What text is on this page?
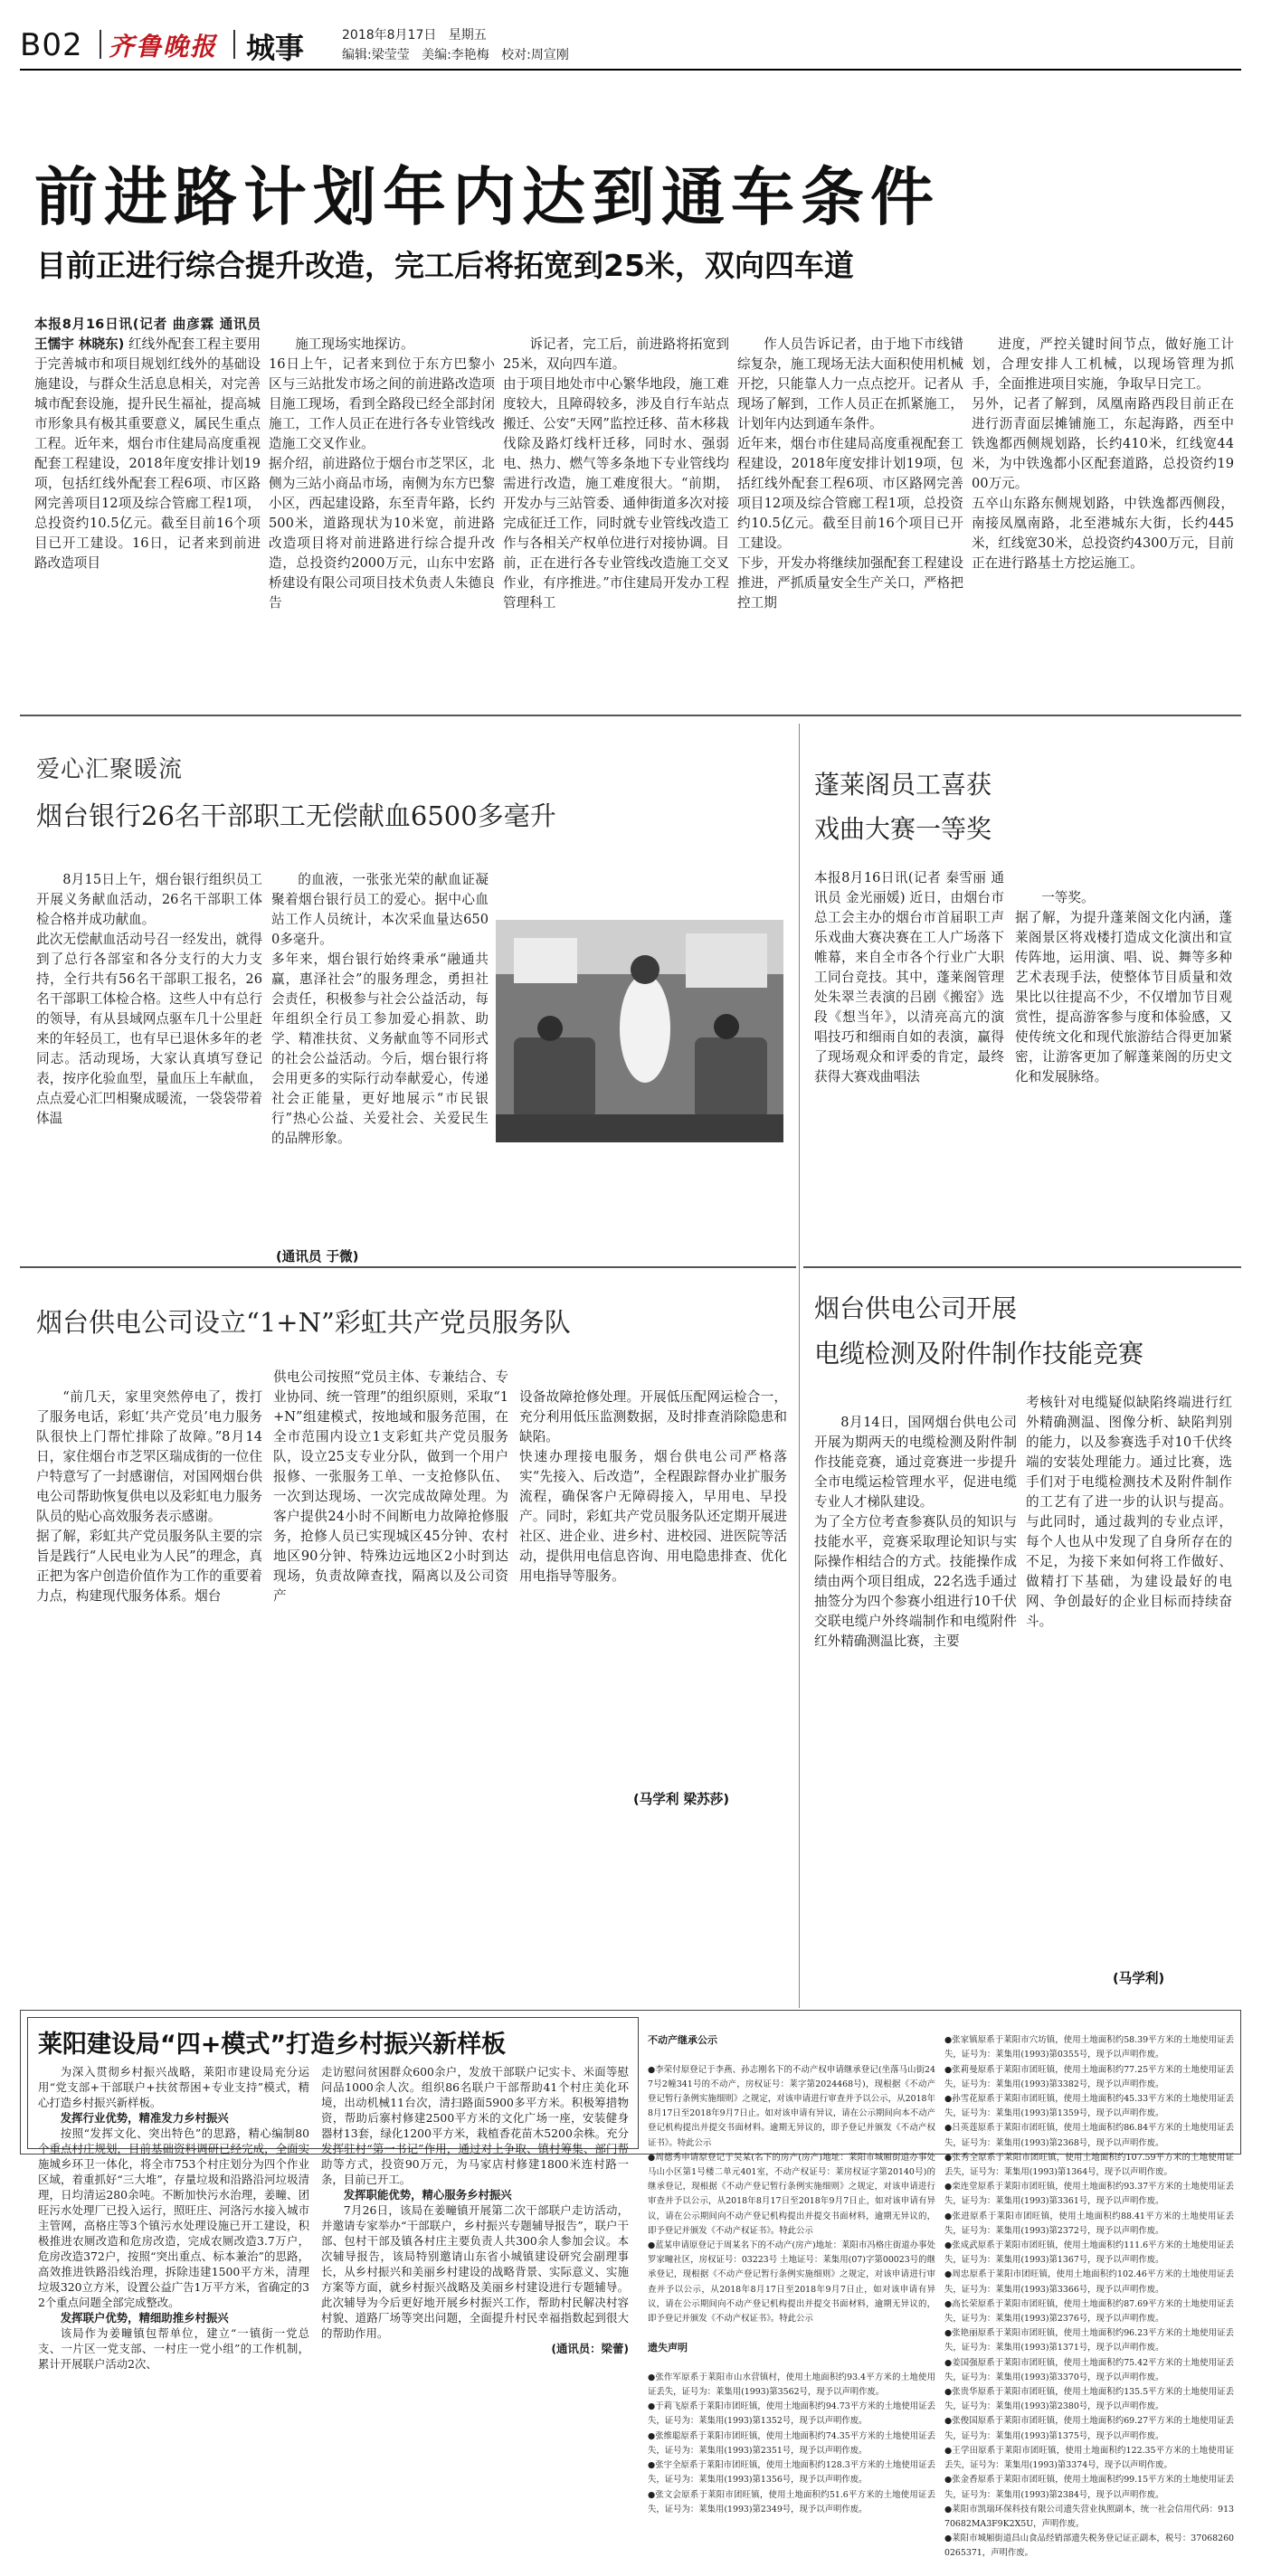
B02 齐鲁晚报 城事	2018年8月17日 星期五
编辑:梁莹莹 美编:李艳梅 校对:周宣刚
前进路计划年内达到通车条件
目前正进行综合提升改造，完工后将拓宽到25米，双向四车道

本报8月16日讯(记者 曲彦霖 通讯员 王懦宇 林晓东) 红线外配套工程主要用于完善城市和项目规划红线外的基础设施建设，与群众生活息息相关，对完善城市配套设施，提升民生福祉，提高城市形象具有极其重要意义，属民生重点工程。近年来，烟台市住建局高度重视配套工程建设，2018年度安排计划19项，包括红线外配套工程6项、市区路网完善项目12项及综合管廊工程1项，总投资约10.5亿元。截至目前16个项目已开工建设。16日，记者来到前进路改造项目

施工现场实地探访。
16日上午，记者来到位于东方巴黎小区与三站批发市场之间的前进路改造项目施工现场，看到全路段已经全部封闭施工，工作人员正在进行各专业管线改造施工交叉作业。
据介绍，前进路位于烟台市芝罘区，北侧为三站小商品市场，南侧为东方巴黎小区，西起建设路，东至青年路，长约500米，道路现状为10米宽，前进路改造项目将对前进路进行综合提升改造，总投资约2000万元，山东中宏路桥建设有限公司项目技术负责人朱德良告

诉记者，完工后，前进路将拓宽到25米，双向四车道。
由于项目地处市中心繁华地段，施工难度较大，且障碍较多，涉及自行车站点搬迁、公安“天网”监控迁移、苗木移栽伐除及路灯线杆迁移，同时水、强弱电、热力、燃气等多条地下专业管线均需进行改造，施工难度很大。“前期，开发办与三站管委、通伸街道多次对接完成征迁工作，同时就专业管线改造工作与各相关产权单位进行对接协调。目前，正在进行各专业管线改造施工交叉作业，有序推进。”市住建局开发办工程管理科工

作人员告诉记者，由于地下市线错综复杂，施工现场无法大面积使用机械开挖，只能靠人力一点点挖开。记者从现场了解到，工作人员正在抓紧施工，计划年内达到通车条件。
近年来，烟台市住建局高度重视配套工程建设，2018年度安排计划19项，包括红线外配套工程6项、市区路网完善项目12项及综合管廊工程1项，总投资约10.5亿元。截至目前16个项目已开工建设。
下步，开发办将继续加强配套工程建设推进，严抓质量安全生产关口，严格把控工期

进度，严控关键时间节点，做好施工计划，合理安排人工机械，以现场管理为抓手，全面推进项目实施，争取早日完工。
另外，记者了解到，凤凰南路西段目前正在进行沥青面层摊铺施工，东起海路，西至中铁逸都西侧规划路，长约410米，红线宽44米，为中铁逸都小区配套道路，总投资约1900万元。
五卒山东路东侧规划路，中铁逸都西侧段，南接凤凰南路，北至港城东大街，长约445米，红线宽30米，总投资约4300万元，目前正在进行路基土方挖运施工。

爱心汇聚暖流
烟台银行26名干部职工无偿献血6500多毫升

8月15日上午，烟台银行组织员工开展义务献血活动，26名干部职工体检合格并成功献血。
此次无偿献血活动号召一经发出，就得到了总行各部室和各分支行的大力支持，全行共有56名干部职工报名，26名干部职工体检合格。这些人中有总行的领导，有从县域网点驱车几十公里赶来的年轻员工，也有早已退休多年的老同志。活动现场，大家认真填写登记表，按序化验血型，量血压上车献血，点点爱心汇凹相聚成暖流，一袋袋带着体温

的血液，一张张光荣的献血证凝聚着烟台银行员工的爱心。据中心血站工作人员统计，本次采血量达6500多毫升。
多年来，烟台银行始终秉承“融通共赢，惠泽社会”的服务理念，勇担社会责任，积极参与社会公益活动，每年组织全行员工参加爱心捐款、助学、精准扶贫、义务献血等不同形式的社会公益活动。今后，烟台银行将会用更多的实际行动奉献爱心，传递社会正能量，更好地展示“市民银行”热心公益、关爱社会、关爱民生的品牌形象。

(通讯员 于微)
蓬莱阁员工喜获
戏曲大赛一等奖

本报8月16日讯(记者 秦雪丽 通讯员 金光丽媛) 近日，由烟台市总工会主办的烟台市首届职工声乐戏曲大赛决赛在工人广场落下帷幕，来自全市各个行业广大职工同台竞技。其中，蓬莱阁管理处朱翠兰表演的吕剧《搬窑》选段《想当年》，以清亮高亢的演唱技巧和细雨自如的表演，赢得了现场观众和评委的肯定，最终获得大赛戏曲唱法

一等奖。
据了解，为提升蓬莱阁文化内涵，蓬莱阁景区将戏楼打造成文化演出和宣传阵地，运用演、唱、说、舞等多种艺术表现手法，使整体节目质量和效果比以往提高不少，不仅增加节目观赏性，提高游客参与度和体验感，又使传统文化和现代旅游结合得更加紧密，让游客更加了解蓬莱阁的历史文化和发展脉络。

烟台供电公司设立“1+N”彩虹共产党员服务队

“前几天，家里突然停电了，拨打了服务电话，彩虹‘共产党员’电力服务队很快上门帮忙排除了故障。”8月14日，家住烟台市芝罘区瑞成街的一位住户特意写了一封感谢信，对国网烟台供电公司帮助恢复供电以及彩虹电力服务队员的贴心高效服务表示感谢。
据了解，彩虹共产党员服务队主要的宗旨是践行“人民电业为人民”的理念，真正把为客户创造价值作为工作的重要着力点，构建现代服务体系。烟台

供电公司按照“党员主体、专兼结合、专业协同、统一管理”的组织原则，采取“1+N”组建模式，按地域和服务范围，在全市范围内设立1支彩虹共产党员服务队，设立25支专业分队，做到一个用户报修、一张服务工单、一支抢修队伍、一次到达现场、一次完成故障处理。为客户提供24小时不间断电力故障抢修服务，抢修人员已实现城区45分钟、农村地区90分钟、特殊边远地区2小时到达现场，负责故障查找，隔离以及公司资产

设备故障抢修处理。开展低压配网运检合一，充分利用低压监测数据，及时排查消除隐患和缺陷。
快速办理接电服务，烟台供电公司严格落实“先接入、后改造”，全程跟踪督办业扩服务流程，确保客户无障碍接入，早用电、早投产。同时，彩虹共产党员服务队还定期开展进社区、进企业、进乡村、进校园、进医院等活动，提供用电信息咨询、用电隐患排查、优化用电指导等服务。

(马学利 梁苏莎)
烟台供电公司开展
电缆检测及附件制作技能竞赛

8月14日，国网烟台供电公司开展为期两天的电缆检测及附件制作技能竞赛，通过竞赛进一步提升全市电缆运检管理水平，促进电缆专业人才梯队建设。
为了全方位考查参赛队员的知识与技能水平，竞赛采取理论知识与实际操作相结合的方式。技能操作成绩由两个项目组成，22名选手通过抽签分为四个参赛小组进行10千伏交联电缆户外终端制作和电缆附件红外精确测温比赛，主要

考核针对电缆疑似缺陷终端进行红外精确测温、图像分析、缺陷判别的能力，以及参赛选手对10千伏终端的安装处理能力。通过比赛，选手们对于电缆检测技术及附件制作的工艺有了进一步的认识与提高。与此同时，通过裁判的专业点评，每个人也从中发现了自身所存在的不足，为接下来如何将工作做好、做精打下基础，为建设最好的电网、争创最好的企业目标而持续奋斗。

(马学利)
莱阳建设局“四+模式”打造乡村振兴新样板

为深入贯彻乡村振兴战略，莱阳市建设局充分运用“党支部+干部联户+扶贫帮困+专业支持”模式，精心打造乡村振兴新样板。

发挥行业优势，精准发力乡村振兴

按照“发挥文化、突出特色”的思路，精心编制80个重点村庄规划，目前基础资料调研已经完成，全面实施城乡环卫一体化，将全市753个村庄划分为四个作业区域，着重抓好“三大堆”，存量垃圾和沿路沿河垃圾清理，日均清运280余吨。不断加快污水治理，姜疃、团旺污水处理厂已投入运行，照旺庄、河洛污水接入城市主管网，高格庄等3个镇污水处理设施已开工建设，积极推进农厕改造和危房改造，完成农厕改造3.7万户，危房改造372户，按照“突出重点、标本兼治”的思路，高效推进铁路沿线治理，拆除违建1500平方米，清理垃圾320立方米，设置公益广告1万平方米，省确定的32个重点问题全部完成整改。

发挥联户优势，精细助推乡村振兴

该局作为姜疃镇包帮单位，建立“一镇街一党总支、一片区一党支部、一村庄一党小组”的工作机制，累计开展联户活动2次、

走访慰问贫困群众600余户，发放干部联户记实卡、米面等慰问品1000余人次。组织86名联户干部帮助41个村庄美化环境，出动机械11台次，清扫路面5900多平方米。积极筹措物资，帮助后寨村修建2500平方米的文化广场一座，安装健身器材13套，绿化1200平方米，栽植香花苗木5200余株。充分发挥驻村“第一书记”作用，通过对上争取、镇村筹集、部门帮助等方式，投资90万元，为马家店村修建1800米连村路一条，目前已开工。

发挥职能优势，精心服务乡村振兴

7月26日，该局在姜疃镇开展第二次干部联户走访活动，并邀请专家举办“干部联户，乡村振兴专题辅导报告”，联户干部、包村干部及镇各村庄主要负责人共300余人参加会议。本次辅导报告，该局特别邀请山东省小城镇建设研究会副理事长，从乡村振兴和美丽乡村建设的战略背景、实际意义、实施方案等方面，就乡村振兴战略及美丽乡村建设进行专题辅导。此次辅导为今后更好地开展乡村振兴工作，帮助村民解决村容村貌、道路厂场等突出问题，全面提升村民幸福指数起到很大的帮助作用。

(通讯员：梁蕾)

不动产继承公示

●李荣付原登记于李燕、孙志刚名下的不动产权申请继承登记(坐落马山街247号2幢341号的不动产，房权证号：莱字第2024468号)，现根据《不动产登记暂行条例实施细则》之规定，对该申请进行审查并予以公示，从2018年8月17日至2018年9月7日止。如对该申请有异议，请在公示期间向本不动产登记机构提出并提交书面材料。逾期无异议的，即予登记并颁发《不动产权证书》。特此公示
●周德秀申请原登记于吴某(名下的房产(房产)地址：莱阳市城厢街道办事处马山小区第1号楼二单元401室，不动产权证号：莱房权证字第20140号)的继承登记，现根据《不动产登记暂行条例实施细则》之规定，对该申请进行审查并予以公示，从2018年8月17日至2018年9月7日止，如对该申请有异议，请在公示期间向不动产登记机构提出并提交书面材料，逾期无异议的，即予登记并颁发《不动产权证书》。特此公示
●蓝某申请原登记于周某名下的不动产(房产)地址：莱阳市冯格庄街道办事处罗家疃社区，房权证号：03223号 土地证号：莱集用(07)字第00023号的继承登记，现根据《不动产登记暂行条例实施细则》之规定，对该申请进行审查并予以公示，从2018年8月17日至2018年9月7日止，如对该申请有异议，请在公示期间向不动产登记机构提出并提交书面材料，逾期无异议的，即予登记并颁发《不动产权证书》。特此公示

遗失声明

●张作军原系于莱阳市山水营镇村，使用土地面积约93.4平方米的土地使用证丢失，证号为：莱集用(1993)第3562号，现予以声明作废。
●于莉飞原系于莱阳市团旺镇，使用土地面积约94.73平方米的土地使用证丢失，证号为：莱集用(1993)第1352号，现予以声明作废。
●张维聪原系于莱阳市团旺镇，使用土地面积约74.35平方米的土地使用证丢失，证号为：莱集用(1993)第2351号，现予以声明作废。
●张宇全原系于莱阳市团旺镇，使用土地面积约128.3平方米的土地使用证丢失，证号为：莱集用(1993)第1356号，现予以声明作废。
●张文会原系于莱阳市团旺镇，使用土地面积约51.6平方米的土地使用证丢失，证号为：莱集用(1993)第2349号，现予以声明作废。

●张家镇原系于莱阳市穴坊镇，使用土地面积约58.39平方米的土地使用证丢失，证号为：莱集用(1993)第0355号，现予以声明作废。
●张莉曼原系于莱阳市团旺镇，使用土地面积约77.25平方米的土地使用证丢失，证号为：莱集用(1993)第3382号，现予以声明作废。
●孙雪花原系于莱阳市团旺镇，使用土地面积约45.33平方米的土地使用证丢失，证号为：莱集用(1993)第1359号，现予以声明作废。
●吕英莲原系于莱阳市团旺镇，使用土地面积约86.84平方米的土地使用证丢失，证号为：莱集用(1993)第2368号，现予以声明作废。
●张秀全原系于莱阳市团旺镇，使用土地面积约107.59平方米的土地使用证丢失，证号为：莱集用(1993)第1364号，现予以声明作废。
●栾连堂原系于莱阳市团旺镇，使用土地面积约93.37平方米的土地使用证丢失，证号为：莱集用(1993)第3361号，现予以声明作废。
●张进原系于莱阳市团旺镇，使用土地面积约88.41平方米的土地使用证丢失，证号为：莱集用(1993)第2372号，现予以声明作废。
●张成武原系于莱阳市团旺镇，使用土地面积约111.6平方米的土地使用证丢失，证号为：莱集用(1993)第1367号，现予以声明作废。
●周忠原系于莱阳市团旺镇，使用土地面积约102.46平方米的土地使用证丢失，证号为：莱集用(1993)第3366号，现予以声明作废。
●高长荣原系于莱阳市团旺镇，使用土地面积约87.69平方米的土地使用证丢失，证号为：莱集用(1993)第2376号，现予以声明作废。
●张艳丽原系于莱阳市团旺镇，使用土地面积约96.23平方米的土地使用证丢失，证号为：莱集用(1993)第1371号，现予以声明作废。
●姜国强原系于莱阳市团旺镇，使用土地面积约75.42平方米的土地使用证丢失，证号为：莱集用(1993)第3370号，现予以声明作废。
●张贵华原系于莱阳市团旺镇，使用土地面积约135.5平方米的土地使用证丢失，证号为：莱集用(1993)第2380号，现予以声明作废。
●张俊国原系于莱阳市团旺镇，使用土地面积约69.27平方米的土地使用证丢失，证号为：莱集用(1993)第1375号，现予以声明作废。
●王学田原系于莱阳市团旺镇，使用土地面积约122.35平方米的土地使用证丢失，证号为：莱集用(1993)第3374号，现予以声明作废。
●张金香原系于莱阳市团旺镇，使用土地面积约99.15平方米的土地使用证丢失，证号为：莱集用(1993)第2384号，现予以声明作废。
●莱阳市凯瑞环保科技有限公司遗失营业执照副本，统一社会信用代码：91370682MA3F9K2X5U，声明作废。
●莱阳市城厢街道昌山食品经销部遗失税务登记证正副本，税号：370682600265371，声明作废。
